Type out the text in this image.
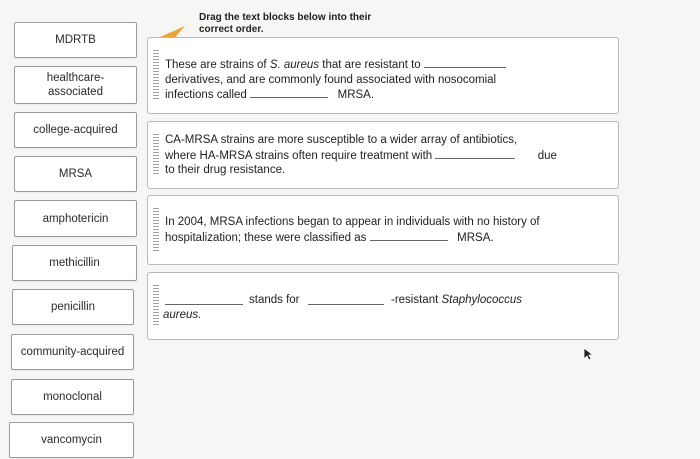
MDRTB
healthcare-
associated
college-acquired
MRSA
amphotericin
methicillin
penicillin
community-acquired
monoclonal
vancomycin
Drag the text blocks below into their
correct order.
These are strains of S. aureus that are resistant to
derivatives, and are commonly found associated with nosocomial
infections called	MRSA.
CA-MRSA strains are more susceptible to a wider array of antibiotics,
where HA-MRSA strains often require treatment with	due
to their drug resistance.
In 2004, MRSA infections began to appear in individuals with no history of
hospitalization; these were classified as	MRSA.
stands for	-resistant Staphylococcus
aureus.
